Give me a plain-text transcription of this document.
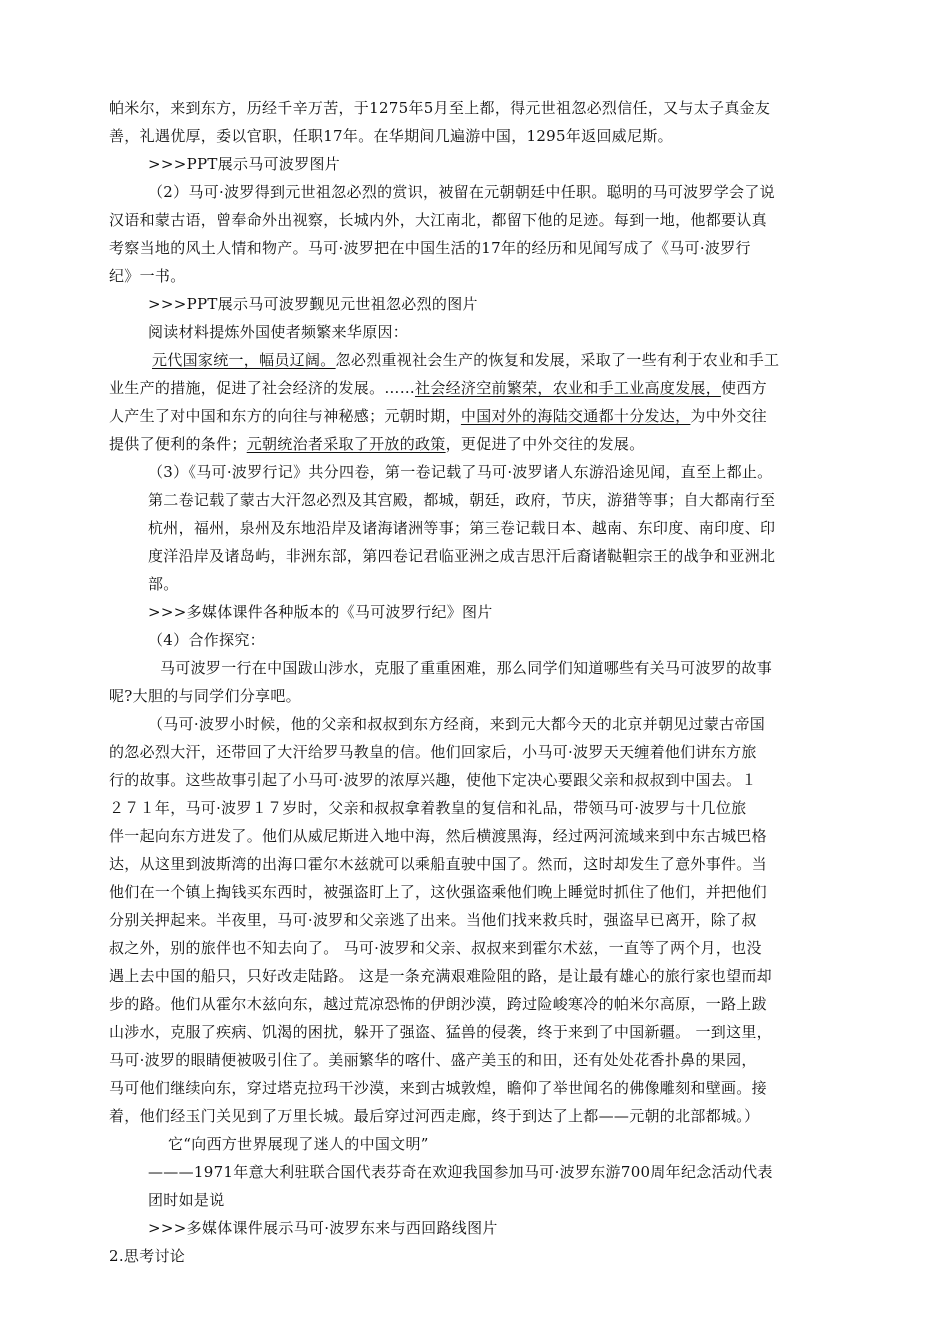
帕米尔，来到东方，历经千辛万苦，于1275年5月至上都，得元世祖忽必烈信任，又与太子真金友
善，礼遇优厚，委以官职，任职17年。在华期间几遍游中国，1295年返回威尼斯。
>>>PPT展示马可波罗图片
（2）马可·波罗得到元世祖忽必烈的赏识，被留在元朝朝廷中任职。聪明的马可波罗学会了说
汉语和蒙古语，曾奉命外出视察，长城内外，大江南北，都留下他的足迹。每到一地，他都要认真
考察当地的风土人情和物产。马可·波罗把在中国生活的17年的经历和见闻写成了《马可·波罗行
纪》一书。
>>>PPT展示马可波罗觐见元世祖忽必烈的图片
阅读材料提炼外国使者频繁来华原因：
元代国家统一，幅员辽阔。忽必烈重视社会生产的恢复和发展，采取了一些有利于农业和手工
业生产的措施，促进了社会经济的发展。……社会经济空前繁荣，农业和手工业高度发展，使西方
人产生了对中国和东方的向往与神秘感；元朝时期，中国对外的海陆交通都十分发达，为中外交往
提供了便利的条件；元朝统治者采取了开放的政策，更促进了中外交往的发展。
（3）《马可·波罗行记》共分四卷，第一卷记载了马可·波罗诸人东游沿途见闻，直至上都止。
第二卷记载了蒙古大汗忽必烈及其宫殿，都城，朝廷，政府，节庆，游猎等事；自大都南行至
杭州，福州，泉州及东地沿岸及诸海诸洲等事；第三卷记载日本、越南、东印度、南印度、印
度洋沿岸及诸岛屿，非洲东部，第四卷记君临亚洲之成吉思汗后裔诸鞑靼宗王的战争和亚洲北
部。
>>>多媒体课件各种版本的《马可波罗行纪》图片
（4）合作探究：
马可波罗一行在中国跋山涉水，克服了重重困难，那么同学们知道哪些有关马可波罗的故事
呢?大胆的与同学们分享吧。
（马可·波罗小时候，他的父亲和叔叔到东方经商，来到元大都今天的北京并朝见过蒙古帝国
的忽必烈大汗，还带回了大汗给罗马教皇的信。他们回家后，小马可·波罗天天缠着他们讲东方旅
行的故事。这些故事引起了小马可·波罗的浓厚兴趣，使他下定决心要跟父亲和叔叔到中国去。１
２７１年，马可·波罗１７岁时，父亲和叔叔拿着教皇的复信和礼品，带领马可·波罗与十几位旅
伴一起向东方进发了。他们从威尼斯进入地中海，然后横渡黑海，经过两河流域来到中东古城巴格
达，从这里到波斯湾的出海口霍尔木兹就可以乘船直驶中国了。然而，这时却发生了意外事件。当
他们在一个镇上掏钱买东西时，被强盗盯上了，这伙强盗乘他们晚上睡觉时抓住了他们，并把他们
分别关押起来。半夜里，马可·波罗和父亲逃了出来。当他们找来救兵时，强盗早已离开，除了叔
叔之外，别的旅伴也不知去向了。 马可·波罗和父亲、叔叔来到霍尔术兹，一直等了两个月，也没
遇上去中国的船只，只好改走陆路。 这是一条充满艰难险阻的路，是让最有雄心的旅行家也望而却
步的路。他们从霍尔木兹向东，越过荒凉恐怖的伊朗沙漠，跨过险峻寒冷的帕米尔高原，一路上跋
山涉水，克服了疾病、饥渴的困扰，躲开了强盗、猛兽的侵袭，终于来到了中国新疆。 一到这里，
马可·波罗的眼睛便被吸引住了。美丽繁华的喀什、盛产美玉的和田，还有处处花香扑鼻的果园，
马可他们继续向东，穿过塔克拉玛干沙漠，来到古城敦煌，瞻仰了举世闻名的佛像雕刻和壁画。接
着，他们经玉门关见到了万里长城。最后穿过河西走廊，终于到达了上都——元朝的北部都城。）
它“向西方世界展现了迷人的中国文明”
———1971年意大利驻联合国代表芬奇在欢迎我国参加马可·波罗东游700周年纪念活动代表
团时如是说
>>>多媒体课件展示马可·波罗东来与西回路线图片
2.思考讨论
